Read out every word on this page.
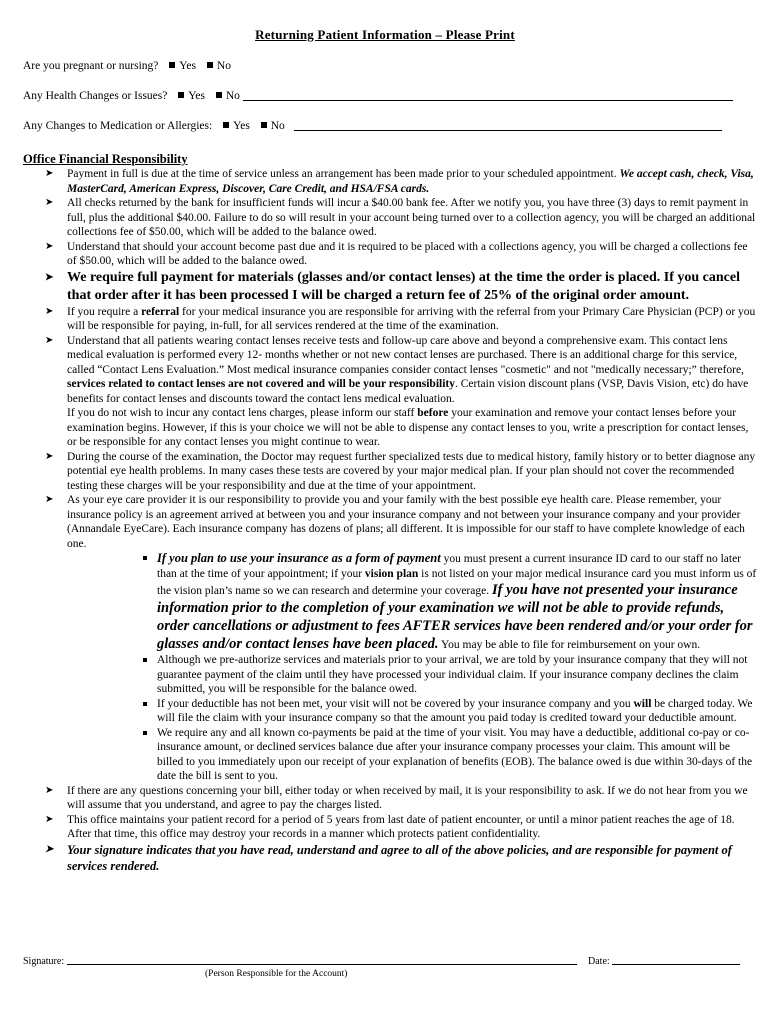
Returning Patient Information – Please Print
Are you pregnant or nursing? Yes No
Any Health Changes or Issues? Yes No
Any Changes to Medication or Allergies: Yes No
Office Financial Responsibility
➤ Payment in full is due at the time of service unless an arrangement has been made prior to your scheduled appointment. We accept cash, check, Visa, MasterCard, American Express, Discover, Care Credit, and HSA/FSA cards.
➤ All checks returned by the bank for insufficient funds will incur a $40.00 bank fee. After we notify you, you have three (3) days to remit payment in full, plus the additional $40.00. Failure to do so will result in your account being turned over to a collection agency, you will be charged an additional collections fee of $50.00, which will be added to the balance owed.
➤ Understand that should your account become past due and it is required to be placed with a collections agency, you will be charged a collections fee of $50.00, which will be added to the balance owed.
➤ We require full payment for materials (glasses and/or contact lenses) at the time the order is placed. If you cancel that order after it has been processed I will be charged a return fee of 25% of the original order amount.
➤ If you require a referral for your medical insurance you are responsible for arriving with the referral from your Primary Care Physician (PCP) or you will be responsible for paying, in-full, for all services rendered at the time of the examination.
➤ Understand that all patients wearing contact lenses receive tests and follow-up care above and beyond a comprehensive exam. This contact lens medical evaluation is performed every 12- months whether or not new contact lenses are purchased. There is an additional charge for this service, called “Contact Lens Evaluation.” Most medical insurance companies consider contact lenses "cosmetic" and not "medically necessary;” therefore, services related to contact lenses are not covered and will be your responsibility. Certain vision discount plans (VSP, Davis Vision, etc) do have benefits for contact lenses and discounts toward the contact lens medical evaluation.
If you do not wish to incur any contact lens charges, please inform our staff before your examination and remove your contact lenses before your examination begins. However, if this is your choice we will not be able to dispense any contact lenses to you, write a prescription for contact lenses, or be responsible for any contact lenses you might continue to wear.
➤ During the course of the examination, the Doctor may request further specialized tests due to medical history, family history or to better diagnose any potential eye health problems. In many cases these tests are covered by your major medical plan. If your plan should not cover the recommended testing these charges will be your responsibility and due at the time of your appointment.
➤ As your eye care provider it is our responsibility to provide you and your family with the best possible eye health care. Please remember, your insurance policy is an agreement arrived at between you and your insurance company and not between your insurance company and your provider (Annandale EyeCare). Each insurance company has dozens of plans; all different. It is impossible for our staff to have complete knowledge of each one.
If you plan to use your insurance as a form of payment you must present a current insurance ID card to our staff no later than at the time of your appointment; if your vision plan is not listed on your major medical insurance card you must inform us of the vision plan’s name so we can research and determine your coverage. If you have not presented your insurance information prior to the completion of your examination we will not be able to provide refunds, order cancellations or adjustment to fees AFTER services have been rendered and/or your order for glasses and/or contact lenses have been placed. You may be able to file for reimbursement on your own.
Although we pre-authorize services and materials prior to your arrival, we are told by your insurance company that they will not guarantee payment of the claim until they have processed your individual claim. If your insurance company declines the claim submitted, you will be responsible for the balance owed.
If your deductible has not been met, your visit will not be covered by your insurance company and you will be charged today. We will file the claim with your insurance company so that the amount you paid today is credited toward your deductible amount.
We require any and all known co-payments be paid at the time of your visit. You may have a deductible, additional co-pay or co-insurance amount, or declined services balance due after your insurance company processes your claim. This amount will be billed to you immediately upon our receipt of your explanation of benefits (EOB). The balance owed is due within 30-days of the date the bill is sent to you.
➤ If there are any questions concerning your bill, either today or when received by mail, it is your responsibility to ask. If we do not hear from you we will assume that you understand, and agree to pay the charges listed.
➤ This office maintains your patient record for a period of 5 years from last date of patient encounter, or until a minor patient reaches the age of 18. After that time, this office may destroy your records in a manner which protects patient confidentiality.
➤ Your signature indicates that you have read, understand and agree to all of the above policies, and are responsible for payment of services rendered.
Signature:	Date:
(Person Responsible for the Account)
